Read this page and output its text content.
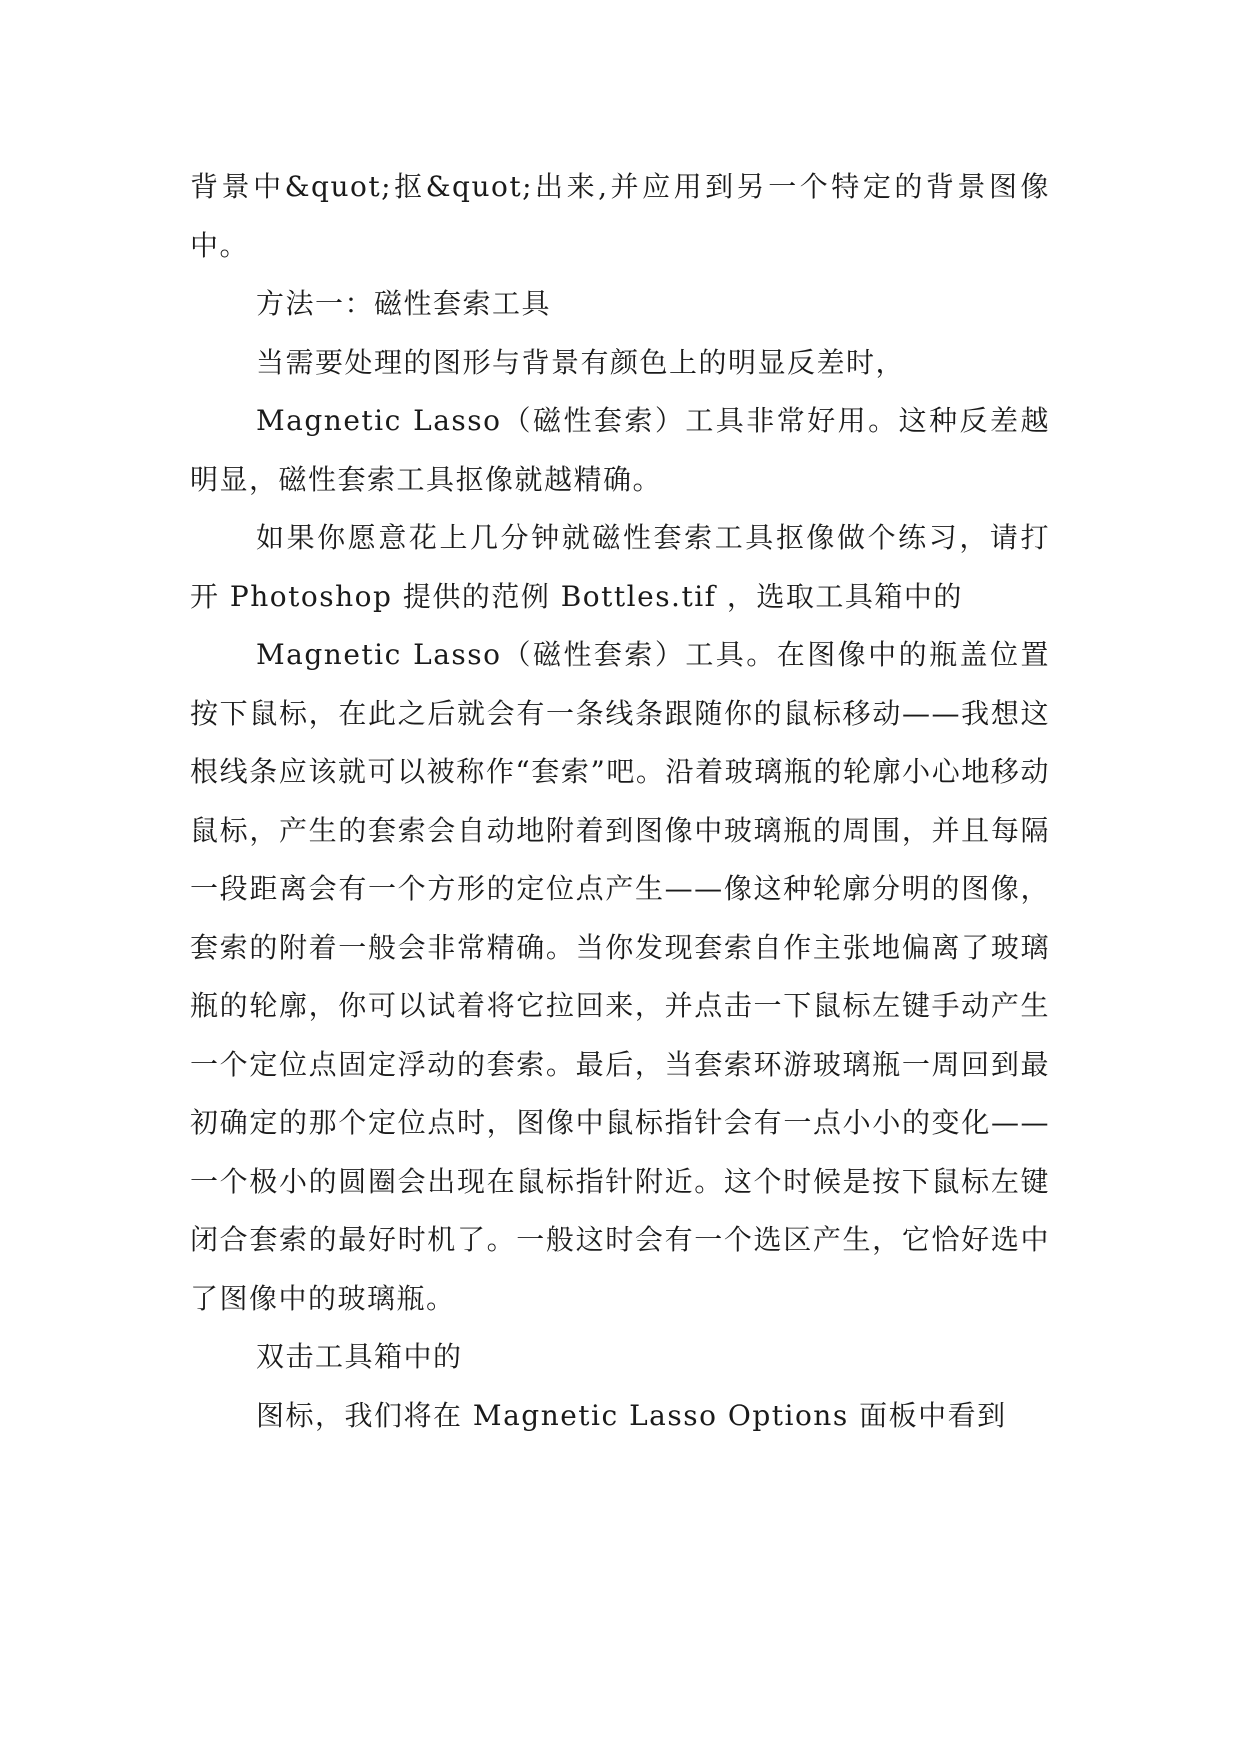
背景中&quot;抠&quot;出来,并应用到另一个特定的背景图像中。

方法一：磁性套索工具

当需要处理的图形与背景有颜色上的明显反差时，

Magnetic Lasso（磁性套索）工具非常好用。这种反差越明显，磁性套索工具抠像就越精确。

如果你愿意花上几分钟就磁性套索工具抠像做个练习，请打开 Photoshop 提供的范例 Bottles.tif ，选取工具箱中的

Magnetic Lasso（磁性套索）工具。在图像中的瓶盖位置按下鼠标，在此之后就会有一条线条跟随你的鼠标移动——我想这根线条应该就可以被称作“套索”吧。沿着玻璃瓶的轮廓小心地移动鼠标，产生的套索会自动地附着到图像中玻璃瓶的周围，并且每隔一段距离会有一个方形的定位点产生——像这种轮廓分明的图像，套索的附着一般会非常精确。当你发现套索自作主张地偏离了玻璃瓶的轮廓，你可以试着将它拉回来，并点击一下鼠标左键手动产生一个定位点固定浮动的套索。最后，当套索环游玻璃瓶一周回到最初确定的那个定位点时，图像中鼠标指针会有一点小小的变化——一个极小的圆圈会出现在鼠标指针附近。这个时候是按下鼠标左键闭合套索的最好时机了。一般这时会有一个选区产生，它恰好选中了图像中的玻璃瓶。

双击工具箱中的

图标，我们将在 Magnetic Lasso Options 面板中看到
